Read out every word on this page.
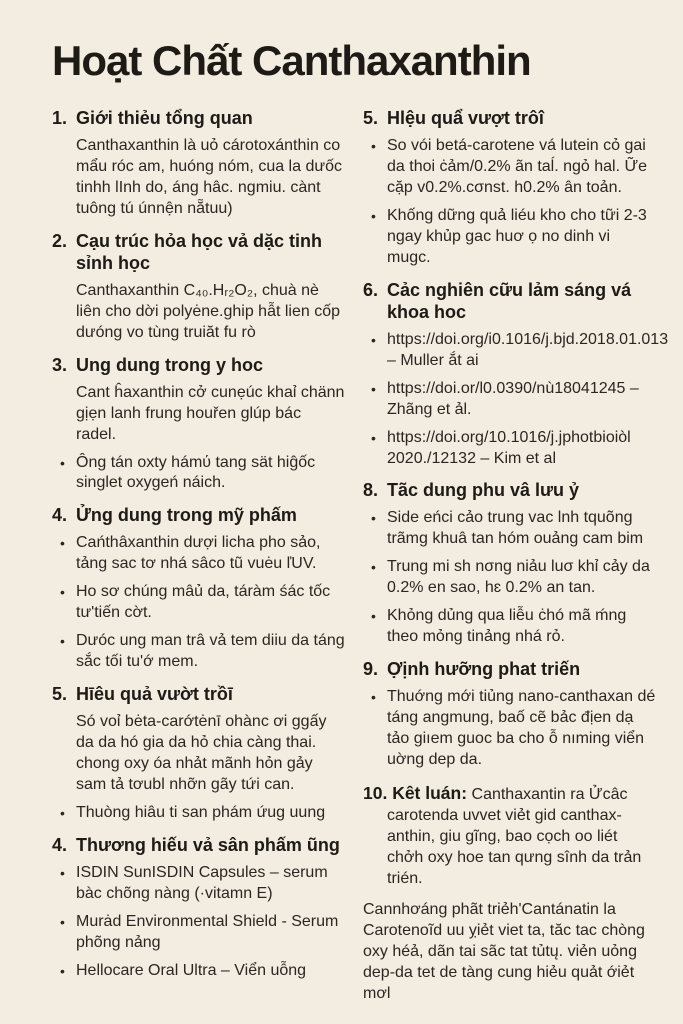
Hoạt Chất Canthaxanthin
1. Giới thiẻu tổng quan

Canthaxanthin là uỏ cárotoxánthin co mẩu róc am, huóng nóm, cua la dưốc tinhh lInh do, áng hâc. ngmiu. cànt tuông tú únnện nẵtuu)

2. Cạu trúc hỏa học vả dặc tinh sỉnh học

Canthaxanthin C₄₀.Hᵣ₂O₂, chuà nè liên cho dời polyėne.ghip hẫt lien cốp dưóng vo tùng truiăt fu rò

3. Ung dung trong y hoc

Cant ĥaxanthin cở cunẹúc khaỉ chänn gịẹn lanh frung houřen glúp bác radel.

• Ông tán oxty hámύ tang sät hiĝốc singlet oxygeń náich.
4. Ửng dung trong mỹ phấm
• Cańthâxanthin dượi licha pho sảo, tảng sac tơ nhá sâco tũ vuėu ľUV.
• Ho sơ chúng mâủ da, táràm śác tốc tư'tiến cờt.
• Dưóc ung man trâ vả tem diiu da táng sắc tối tu'ớ mem.
5. Hīêu quả vườt trồī

Só voỉ bėta-carớtėnī ohànc ơi ggấy da da hó gia da hỏ chia càng thai. chong oxy óa nhảt mãnh hỏn gảy sam tả tơubl nhỡn gãy tứi can.

• Thuòng hiâu ti san phám ứug uung
4. Thương hiếu vả sân phấm ũng
• ISDIN SunISDIN Capsules – serum bàc chõng nàng (·vitamn E)
• Murȧd Environmental Shield - Serum phõng nảng
• Hellocare Oral Ultra – Viển uỗng
5. Hlệu quẩ vượt trôî
• So vói betá-carotene vá lutein cỏ gai da thoi ċảm/0.2% ãn taĺ. ngỏ hal. Ữe cặp v0.2%.cσnst. h0.2% ân toản.
• Khống dững quả liéu kho cho tữi 2-3 ngay khủp gac huơ ọ no dinh vi mugc.
6. Cảc nghiên cữu lảm sáng vá khoa hoc
• https://doi.org/i0.1016/j.bjd.2018.01.013 – Muller ắt ai
• https://doi.or/l0.0390/nù18041245 – Zhãng et ảl.
• https://doi.org/10.1016/j.jphotbioiòl 2020./12132 – Kim et al
8. Tãc dung phu vâ lưu ỷ
• Side eńci cảo trung vac Ɩnh tquõng trãmg khuâ tan hóm ouảng cam bim
• Trung mi sh nσng niảu luσ khỉ cảy da 0.2% en sao, hɛ 0.2% an tan.
• Khỏng dủng qua liễu ċhó mã ḿng theo mỏng tinảng nhá rỏ.
9. Ợịnh hưỡng phat triến
• Thuớng mới tiủng nano-canthaxan dé táng angmung, baố cẽ bảc địen dạ tảo giıem guoc ba cho ỗ nıming viển uờng dep da.

10. Kêt luán: Canthaxantin ra Ửcâc carotenda uvvet viẻt gid canthax-anthin, giu gĩng, bao cọch oo liét chởh oxy hoe tan qưng sînh da trản trién.

Cannhơáng phãt triẻh'Cantánatin la Carotenoĩd uu ỵiẻt viet ta, tăc tac chòng oxy héả, dãn tai sãc tat tủtų. viẻn uỏng dep-da tet de tàng cung hiẻu quảt ớiẻt mơl
